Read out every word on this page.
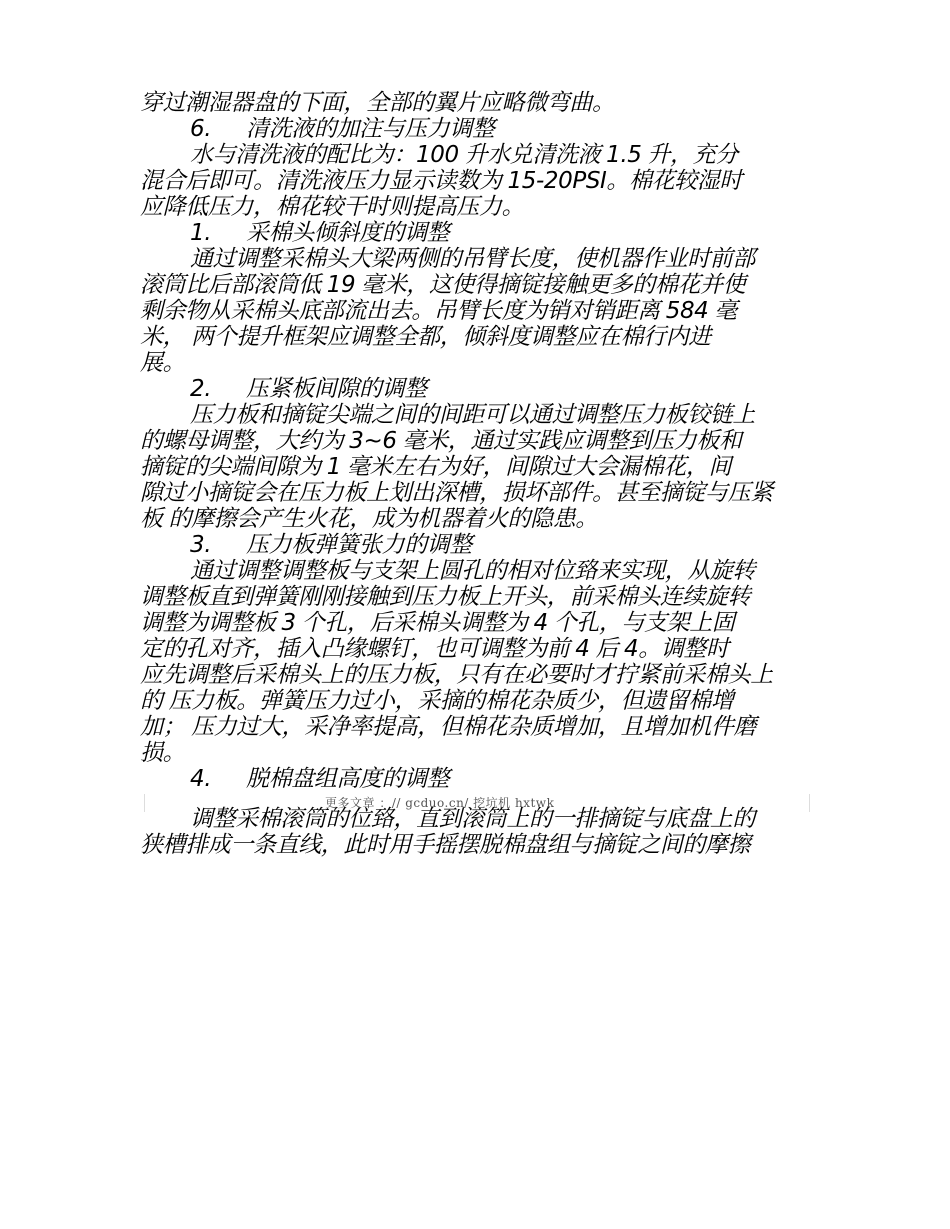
穿过潮湿器盘的下面，全部的翼片应略微弯曲。
6. 清洗液的加注与压力调整
水与清洗液的配比为：100 升水兑清洗液 1.5 升，充分
混合后即可。清洗液压力显示读数为 15-20PSI。棉花较湿时
应降低压力，棉花较干时则提高压力。
1. 采棉头倾斜度的调整
通过调整采棉头大梁两侧的吊臂长度，使机器作业时前部
滚筒比后部滚筒低 19 毫米，这使得摘锭接触更多的棉花并使
剩余物从采棉头底部流出去。吊臂长度为销对销距离 584 毫
米， 两个提升框架应调整全都，倾斜度调整应在棉行内进
展。
2. 压紧板间隙的调整
压力板和摘锭尖端之间的间距可以通过调整压力板铰链上
的螺母调整，大约为 3~6 毫米，通过实践应调整到压力板和
摘锭的尖端间隙为 1 毫米左右为好，间隙过大会漏棉花，间
隙过小摘锭会在压力板上划出深槽，损坏部件。甚至摘锭与压紧
板 的摩擦会产生火花，成为机器着火的隐患。
3. 压力板弹簧张力的调整
通过调整调整板与支架上圆孔的相对位臵来实现，从旋转
调整板直到弹簧刚刚接触到压力板上开头，前采棉头连续旋转
调整为调整板 3 个孔，后采棉头调整为 4 个孔，与支架上固
定的孔对齐，插入凸缘螺钉，也可调整为前 4 后 4。调整时
应先调整后采棉头上的压力板，只有在必要时才拧紧前采棉头上
的 压力板。弹簧压力过小，采摘的棉花杂质少，但遗留棉增
加； 压力过大，采净率提高，但棉花杂质增加，且增加机件磨
损。
4. 脱棉盘组高度的调整
更多文章 ：// gcduo.cn/ 挖坑机 hxtwk
调整采棉滚筒的位臵，直到滚筒上的一排摘锭与底盘上的
狭槽排成一条直线，此时用手摇摆脱棉盘组与摘锭之间的摩擦
